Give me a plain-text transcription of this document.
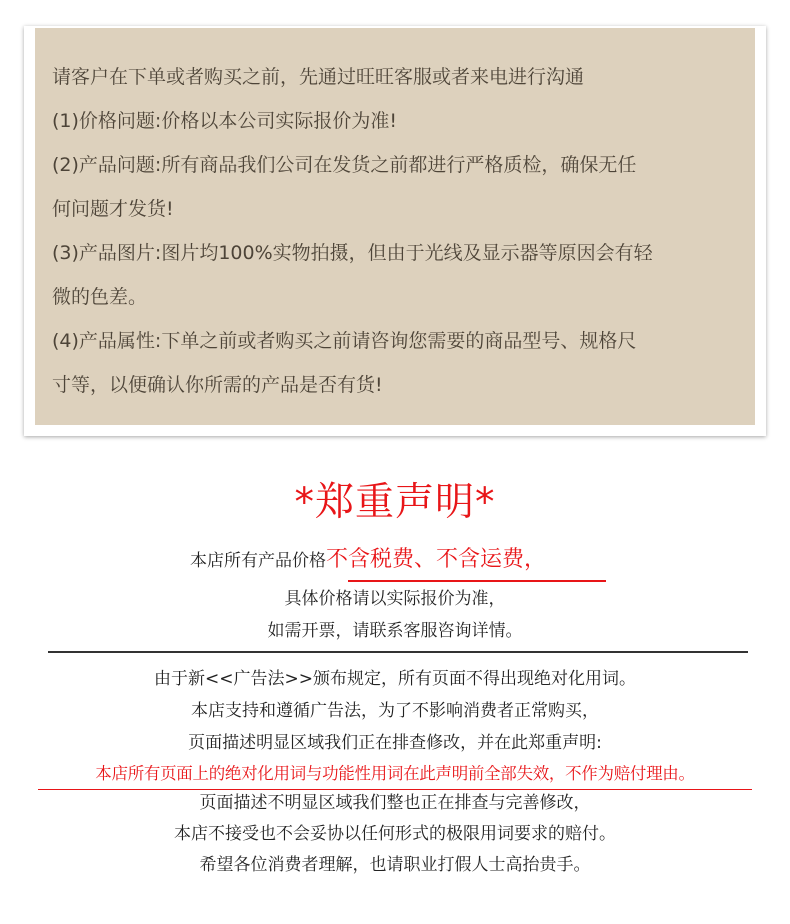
请客户在下单或者购买之前，先通过旺旺客服或者来电进行沟通
(1)价格问题:价格以本公司实际报价为准!
(2)产品问题:所有商品我们公司在发货之前都进行严格质检，确保无任
何问题才发货!
(3)产品图片:图片均100%实物拍摄，但由于光线及显示器等原因会有轻
微的色差。
(4)产品属性:下单之前或者购买之前请咨询您需要的商品型号、规格尺
寸等，以便确认你所需的产品是否有货!
*郑重声明*
本店所有产品价格不含税费、不含运费，
具体价格请以实际报价为准，
如需开票，请联系客服咨询详情。
由于新<<广告法>>颁布规定，所有页面不得出现绝对化用词。
本店支持和遵循广告法，为了不影响消费者正常购买，
页面描述明显区域我们正在排查修改，并在此郑重声明:
本店所有页面上的绝对化用词与功能性用词在此声明前全部失效，不作为赔付理由。
页面描述不明显区域我们整也正在排查与完善修改，
本店不接受也不会妥协以任何形式的极限用词要求的赔付。
希望各位消费者理解，也请职业打假人士高抬贵手。
